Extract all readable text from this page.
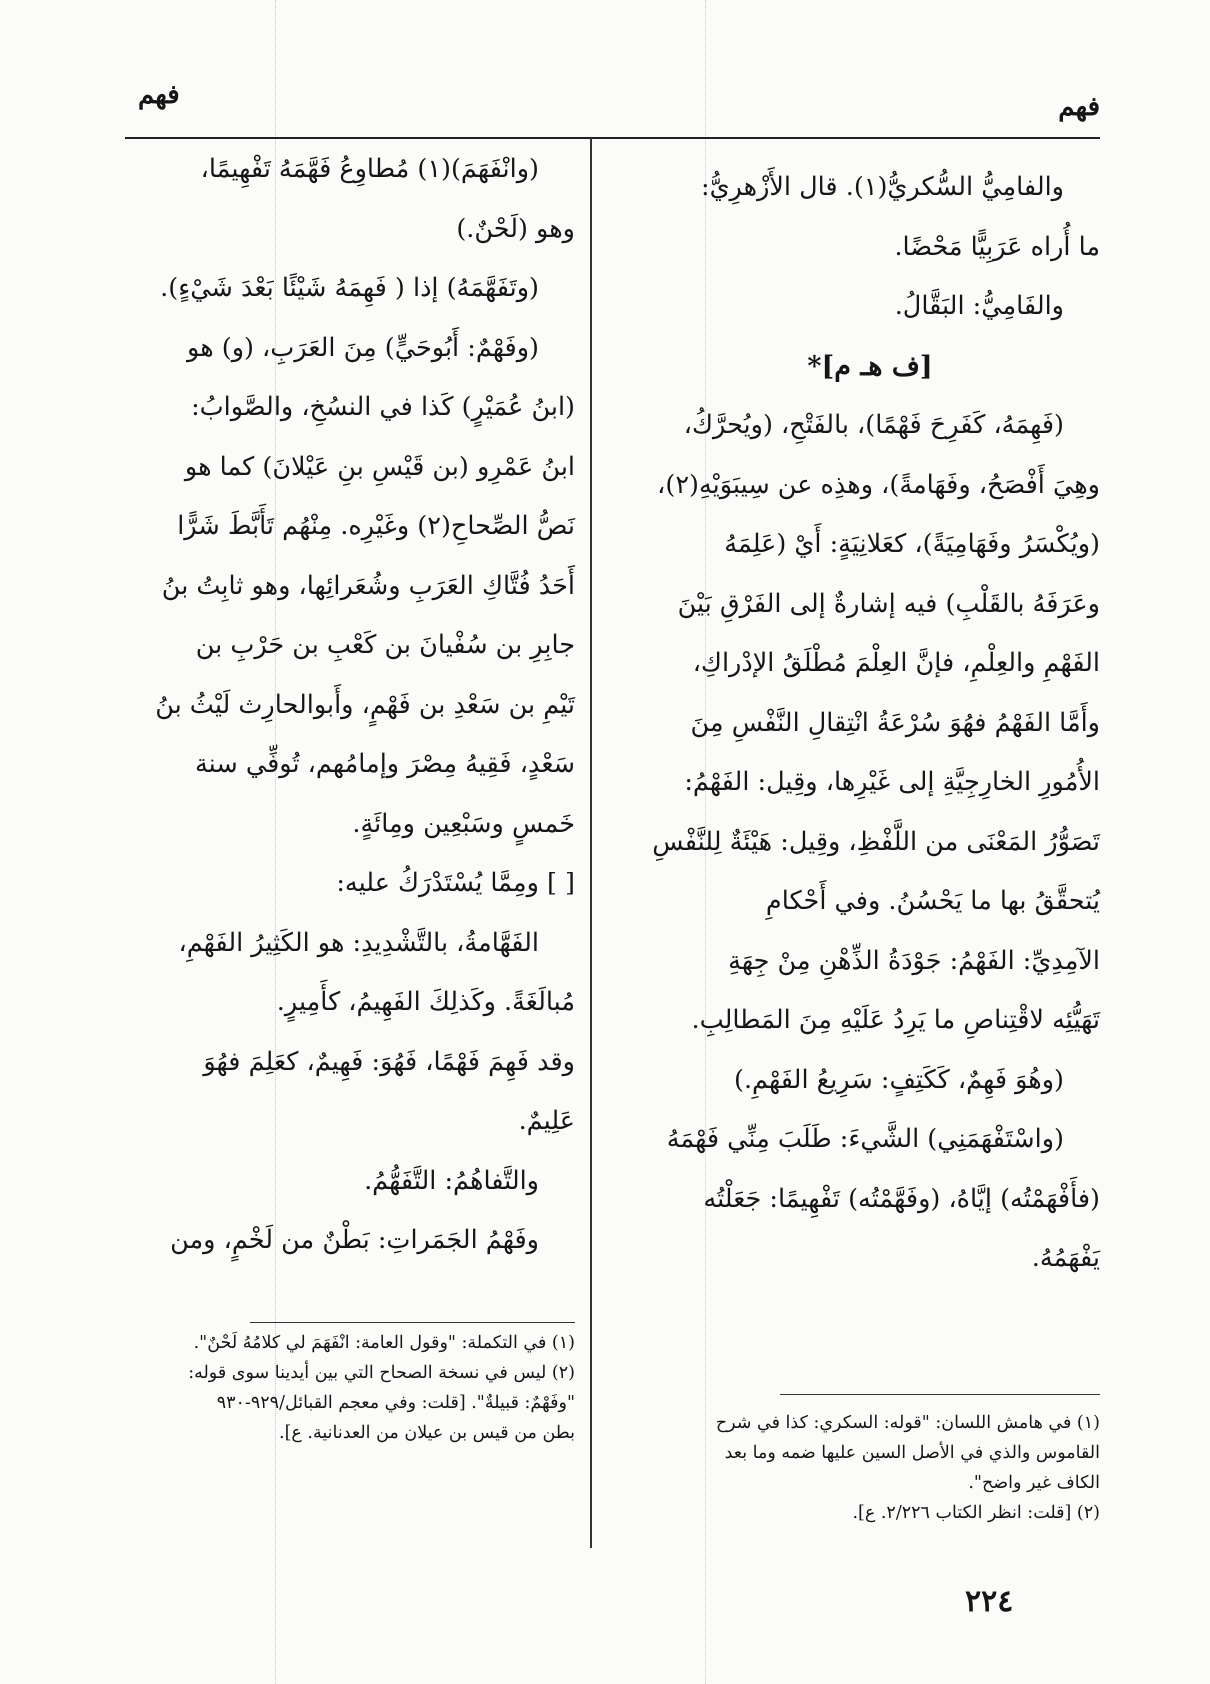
فهم	فهم

والفامِيُّ السُّكريُّ(١). قال الأَزْهرِيُّ:

ما أُراه عَرَبِيًّا مَحْضًا.

والفَامِيُّ: البَقَّالُ.

[ف هـ م]*

(فَهِمَهُ، كَفَرِحَ فَهْمًا)، بالفَتْحِ، (ويُحرَّكُ،

وهِيَ أَفْصَحُ، وفَهَامةً)، وهذِه عن سِيبَوَيْهِ(٢)،

(ويُكْسَرُ وفَهَامِيَةً)، كعَلانِيَةٍ: أَيْ (عَلِمَهُ

وعَرَفَهُ بالقَلْبِ) فيه إشارةٌ إلى الفَرْقِ بَيْنَ

الفَهْمِ والعِلْمِ، فإنَّ العِلْمَ مُطْلَقُ الإدْراكِ،

وأَمَّا الفَهْمُ فهُوَ سُرْعَةُ انْتِقالِ النَّفْسِ مِنَ

الأُمُورِ الخارِجِيَّةِ إلى غَيْرِها، وقِيل: الفَهْمُ:

تَصَوُّرُ المَعْنَى من اللَّفْظِ، وقِيل: هَيْئَةٌ لِلنَّفْسِ

يُتحقَّقُ بها ما يَحْسُنُ. وفي أَحْكامِ

الآمِدِيِّ: الفَهْمُ: جَوْدَةُ الذِّهْنِ مِنْ جِهَةِ

تَهَيُّئِه لاقْتِناصِ ما يَرِدُ عَلَيْهِ مِنَ المَطالِبِ.

(وهُوَ فَهِمٌ، كَكَتِفٍ: سَرِيعُ الفَهْمِ.)

(واسْتَفْهَمَنِي) الشَّيءَ: طَلَبَ مِنِّي فَهْمَهُ

(فأَفْهَمْتُه) إيَّاهُ، (وفَهَّمْتُه) تَفْهِيمًا: جَعَلْتُه

يَفْهَمُهُ.

(وانْفَهَمَ)(١) مُطاوِعُ فَهَّمَهُ تَفْهِيمًا،

وهو (لَحْنٌ.)

(وتَفَهَّمَهُ) إذا ( فَهِمَهُ شَيْئًا بَعْدَ شَيْءٍ).

(وفَهْمٌ: أَبُوحَيٍّ) مِنَ العَرَبِ، (و) هو

(ابنُ عُمَيْرٍ) كَذا في النسُخِ، والصَّوابُ:

ابنُ عَمْرِو (بن قَيْسِ بنِ عَيْلانَ) كما هو

نَصُّ الصِّحاحِ(٢) وغَيْرِه. مِنْهُم تَأَبَّطَ شَرًّا

أَحَدُ فُتَّاكِ العَرَبِ وشُعَرائِها، وهو ثابِتُ بنُ

جابِرِ بن سُفْيانَ بن كَعْبِ بن حَرْبِ بن

تَيْمِ بن سَعْدِ بن فَهْمٍ، وأَبوالحارِث لَيْثُ بنُ

سَعْدٍ، فَقِيهُ مِصْرَ وإمامُهم، تُوفِّي سنة

خَمسٍ وسَبْعِين ومِائَةٍ.

[ ] ومِمَّا يُسْتَدْرَكُ عليه:

الفَهَّامةُ، بالتَّشْدِيدِ: هو الكَثِيرُ الفَهْمِ،

مُبالَغَةً. وكَذلِكَ الفَهِيمُ، كأَمِيرٍ.

وقد فَهِمَ فَهْمًا، فَهُوَ: فَهِيمٌ، كعَلِمَ فهُوَ

عَلِيمٌ.

والتَّفاهُمُ: التَّفَهُّمُ.

وفَهْمُ الجَمَراتِ: بَطْنٌ من لَخْمٍ، ومن

(١) في التكملة: "وقول العامة: انْفَهَمَ لي كلامُهُ لَحْنٌ".

(٢) ليس في نسخة الصحاح التي بين أيدينا سوى قوله:

"وفَهْمٌ: قبيلةٌ". [قلت: وفي معجم القبائل/٩٢٩-٩٣٠

بطن من قيس بن عيلان من العدنانية. ع].	(١) في هامش اللسان: "قوله: السكري: كذا في شرح

القاموس والذي في الأصل السين عليها ضمه وما بعد

الكاف غير واضح".

(٢) [قلت: انظر الكتاب ٢/٢٢٦. ع].

٢٢٤
